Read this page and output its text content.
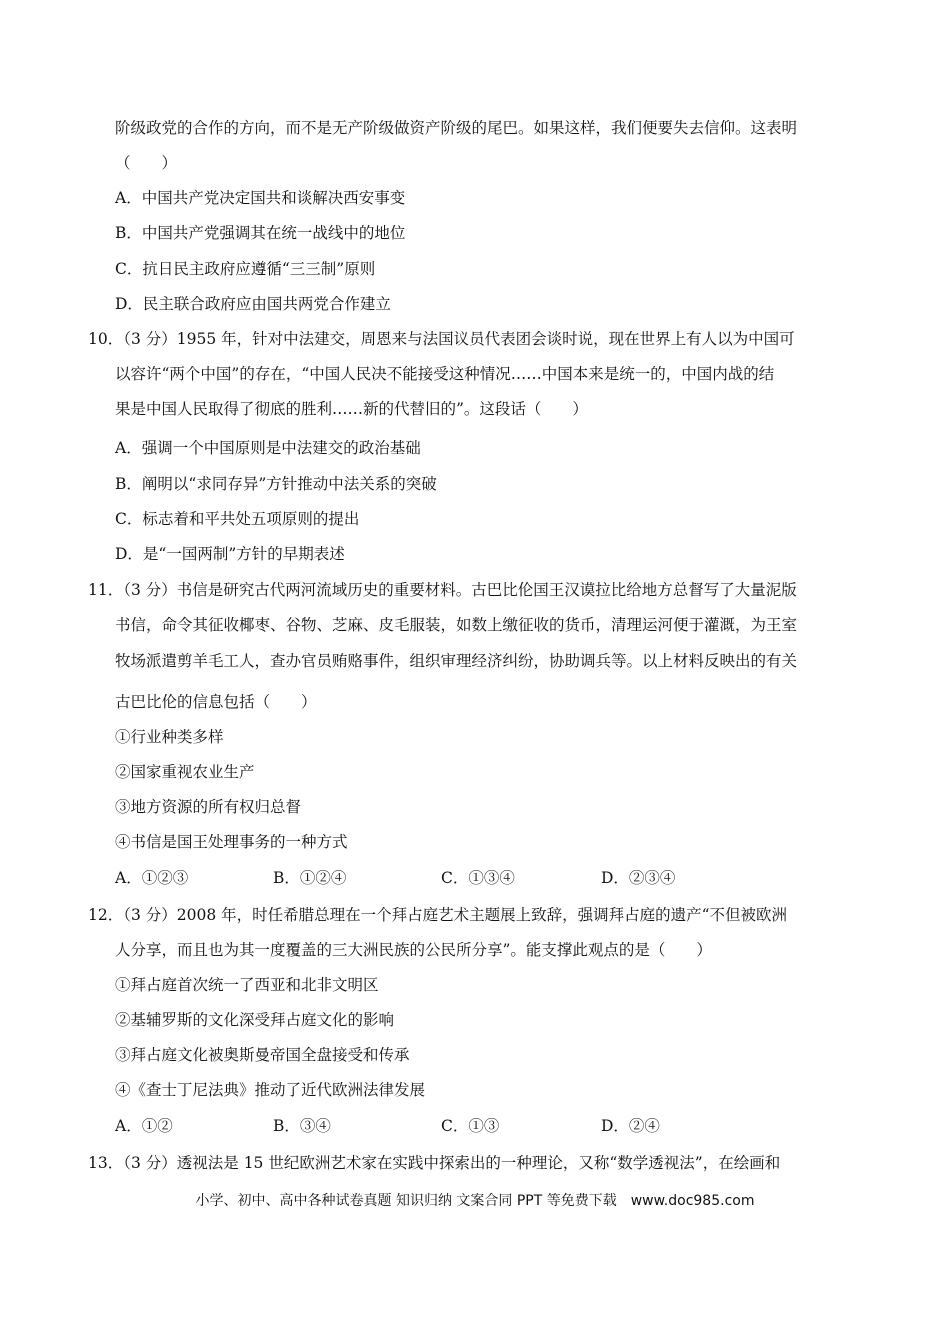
阶级政党的合作的方向，而不是无产阶级做资产阶级的尾巴。如果这样，我们便要失去信仰。这表明
（　　）
A．中国共产党决定国共和谈解决西安事变
B．中国共产党强调其在统一战线中的地位
C．抗日民主政府应遵循“三三制”原则
D．民主联合政府应由国共两党合作建立
10．（3 分）1955 年，针对中法建交，周恩来与法国议员代表团会谈时说，现在世界上有人以为中国可
以容许“两个中国”的存在，“中国人民决不能接受这种情况……中国本来是统一的，中国内战的结
果是中国人民取得了彻底的胜利……新的代替旧的”。这段话（　　）
A．强调一个中国原则是中法建交的政治基础
B．阐明以“求同存异”方针推动中法关系的突破
C．标志着和平共处五项原则的提出
D．是“一国两制”方针的早期表述
11．（3 分）书信是研究古代两河流域历史的重要材料。古巴比伦国王汉谟拉比给地方总督写了大量泥版
书信，命令其征收椰枣、谷物、芝麻、皮毛服装，如数上缴征收的货币，清理运河便于灌溉，为王室
牧场派遣剪羊毛工人，查办官员贿赂事件，组织审理经济纠纷，协助调兵等。以上材料反映出的有关
古巴比伦的信息包括（　　）
①行业种类多样
②国家重视农业生产
③地方资源的所有权归总督
④书信是国王处理事务的一种方式
A．①②③	B．①②④	C．①③④	D．②③④
12．（3 分）2008 年，时任希腊总理在一个拜占庭艺术主题展上致辞，强调拜占庭的遗产“不但被欧洲
人分享，而且也为其一度覆盖的三大洲民族的公民所分享”。能支撑此观点的是（　　）
①拜占庭首次统一了西亚和北非文明区
②基辅罗斯的文化深受拜占庭文化的影响
③拜占庭文化被奥斯曼帝国全盘接受和传承
④《查士丁尼法典》推动了近代欧洲法律发展
A．①②	B．③④	C．①③	D．②④
13．（3 分）透视法是 15 世纪欧洲艺术家在实践中探索出的一种理论，又称“数学透视法”，在绘画和
小学、初中、高中各种试卷真题 知识归纳 文案合同 PPT 等免费下载　www.doc985.com
